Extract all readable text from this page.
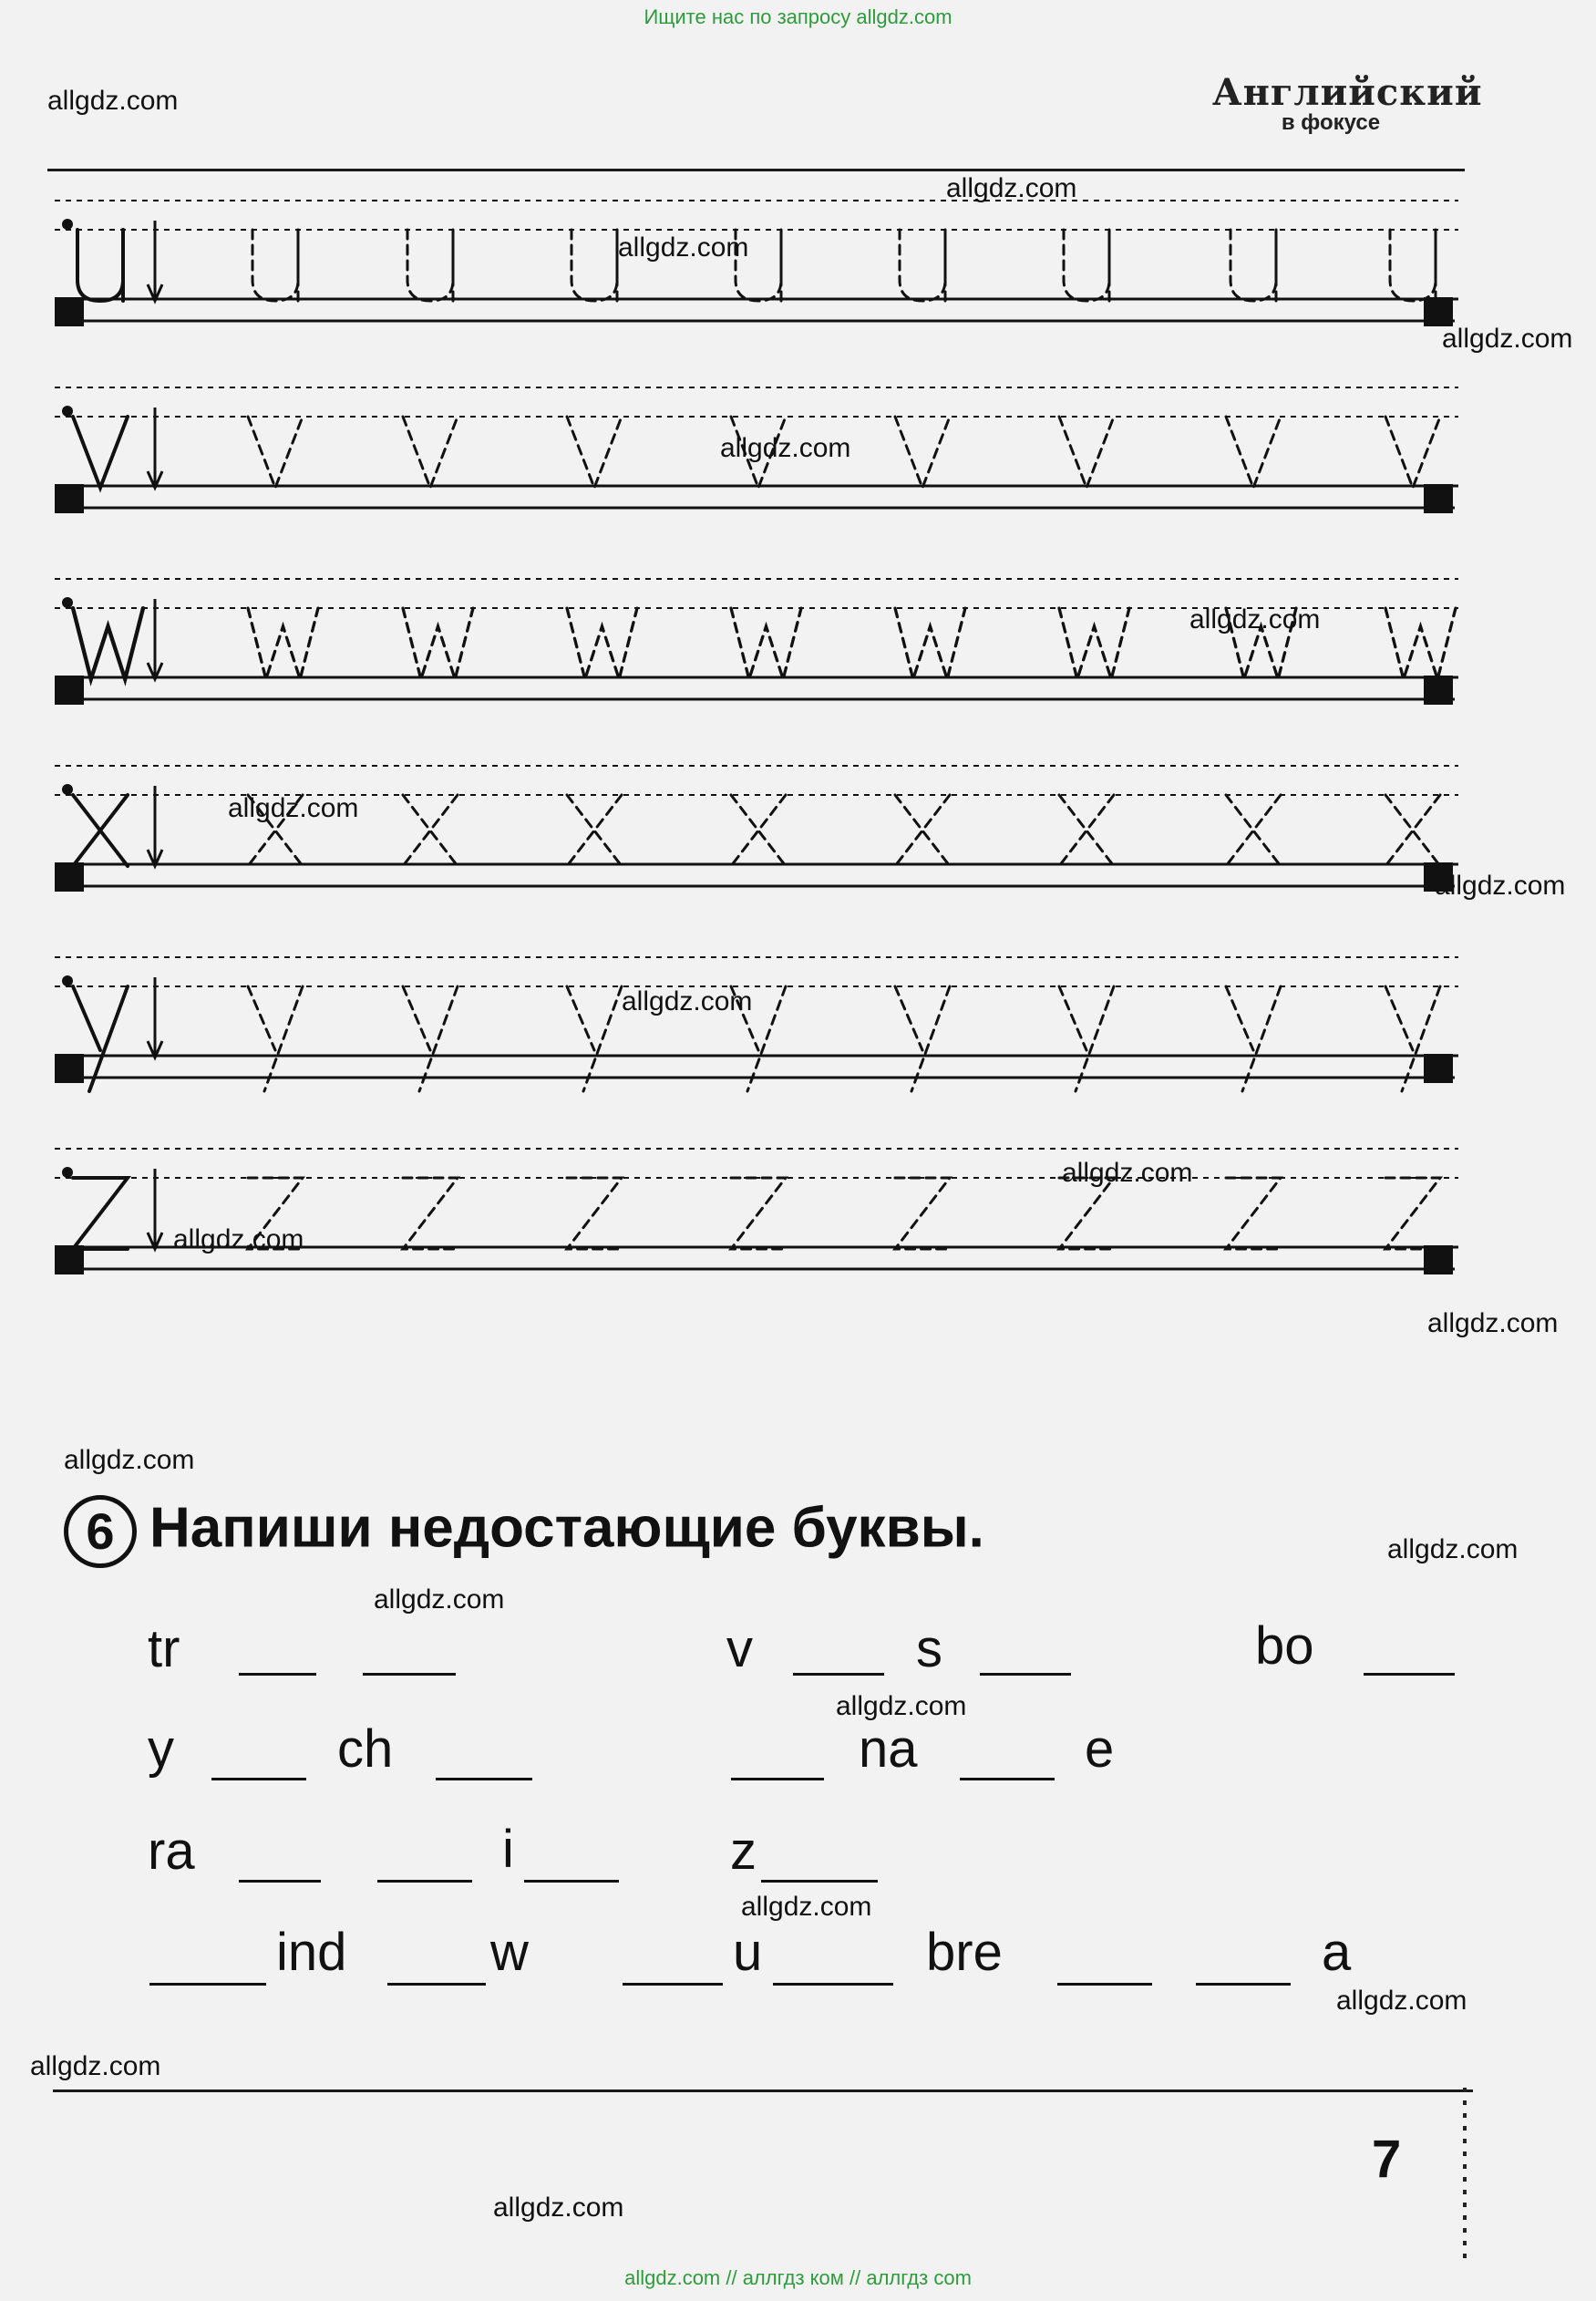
Ищите нас по запросу allgdz.com
Английский
в фокусе
6 Напиши недостающие буквы.
tr	v	s	bo
y	ch	na	e
ra	i	z
ind	w	u	bre	a
7
allgdz.com
allgdz.com
allgdz.com
allgdz.com
allgdz.com
allgdz.com
allgdz.com
allgdz.com
allgdz.com
allgdz.com
allgdz.com
allgdz.com
allgdz.com
allgdz.com
allgdz.com
allgdz.com
allgdz.com
allgdz.com
allgdz.com
allgdz.com
allgdz.com // аллгдз ком // аллгдз com
